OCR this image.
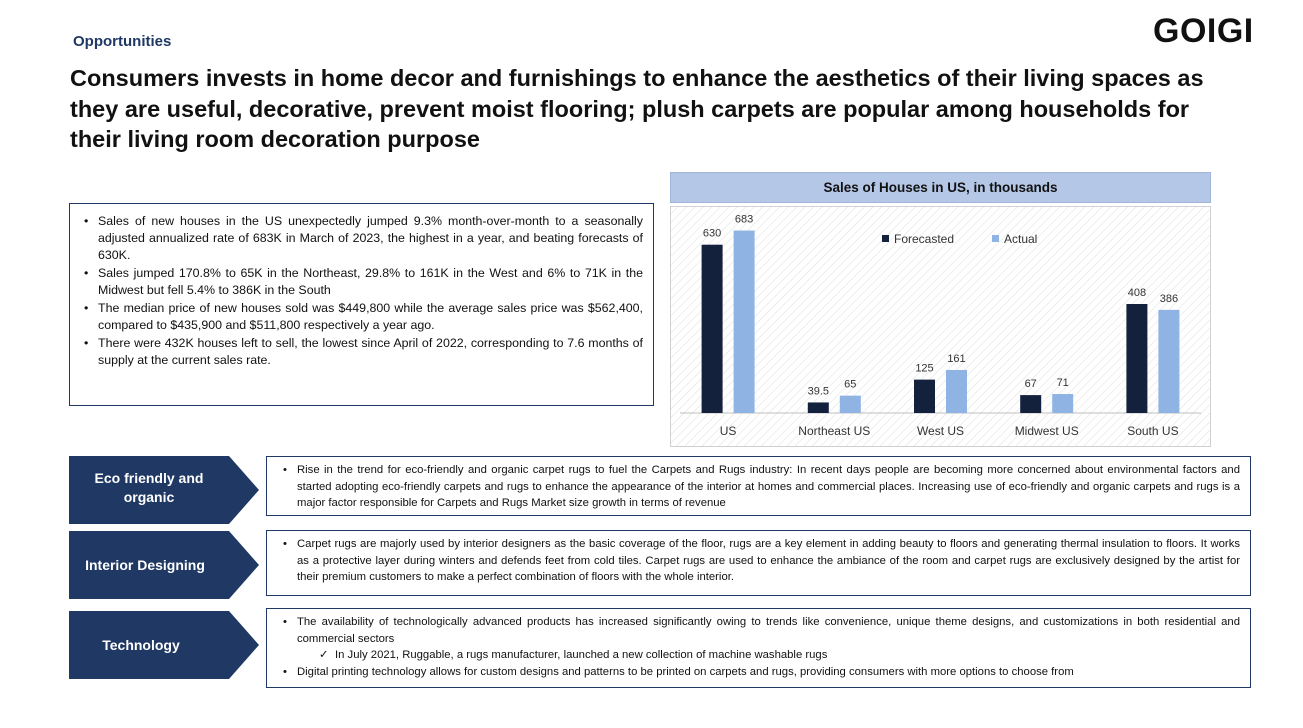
Opportunities	GOIGI
Consumers invests in home decor and furnishings to enhance the aesthetics of their living spaces as they are useful, decorative, prevent moist flooring; plush carpets are popular among households for their living room decoration purpose
• Sales of new houses in the US unexpectedly jumped 9.3% month-over-month to a seasonally adjusted annualized rate of 683K in March of 2023, the highest in a year, and beating forecasts of 630K.
• Sales jumped 170.8% to 65K in the Northeast, 29.8% to 161K in the West and 6% to 71K in the Midwest but fell 5.4% to 386K in the South
• The median price of new houses sold was $449,800 while the average sales price was $562,400, compared to $435,900 and $511,800 respectively a year ago.
• There were 432K houses left to sell, the lowest since April of 2022, corresponding to 7.6 months of supply at the current sales rate.
Sales of Houses in US, in thousands
630
683
US
39.5
65
Northeast US
125
161
West US
67 71
Midwest US
408 386
South US
Forecasted	Actual
Eco friendly and
organic
• Rise in the trend for eco-friendly and organic carpet rugs to fuel the Carpets and Rugs industry: In recent days people are becoming more concerned about environmental factors and started adopting eco-friendly carpets and rugs to enhance the appearance of the interior at homes and commercial places. Increasing use of eco-friendly and organic carpets and rugs is a major factor responsible for Carpets and Rugs Market size growth in terms of revenue
Interior Designing
• Carpet rugs are majorly used by interior designers as the basic coverage of the floor, rugs are a key element in adding beauty to floors and generating thermal insulation to floors. It works as a protective layer during winters and defends feet from cold tiles. Carpet rugs are used to enhance the ambiance of the room and carpet rugs are exclusively designed by the artist for their premium customers to make a perfect combination of floors with the whole interior.
Technology
• The availability of technologically advanced products has increased significantly owing to trends like convenience, unique theme designs, and customizations in both residential and commercial sectors
✓ In July 2021, Ruggable, a rugs manufacturer, launched a new collection of machine washable rugs
• Digital printing technology allows for custom designs and patterns to be printed on carpets and rugs, providing consumers with more options to choose from
